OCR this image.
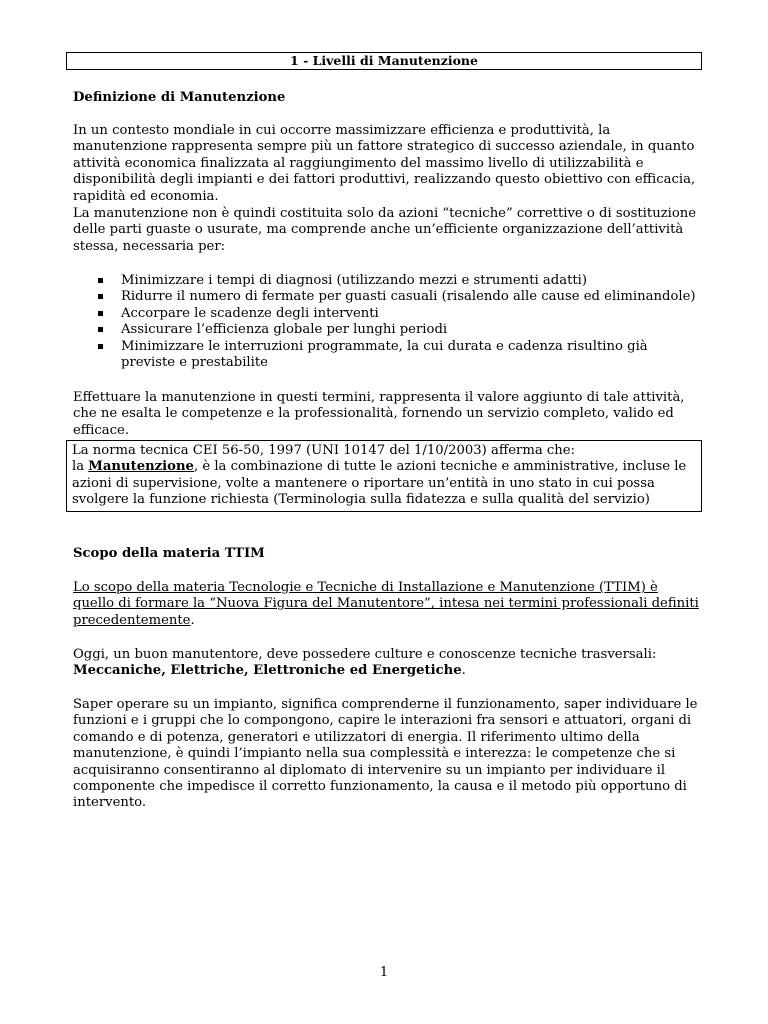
1 - Livelli di Manutenzione
Definizione di Manutenzione
In un contesto mondiale in cui occorre massimizzare efficienza e produttività, la manutenzione rappresenta sempre più un fattore strategico di successo aziendale, in quanto attività economica finalizzata al raggiungimento del massimo livello di utilizzabilità e disponibilità degli impianti e dei fattori produttivi, realizzando questo obiettivo con efficacia, rapidità ed economia.
La manutenzione non è quindi costituita solo da azioni “tecniche” correttive o di sostituzione delle parti guaste o usurate, ma comprende anche un’efficiente organizzazione dell’attività stessa, necessaria per:
Minimizzare i tempi di diagnosi (utilizzando mezzi e strumenti adatti)
Ridurre il numero di fermate per guasti casuali (risalendo alle cause ed eliminandole)
Accorpare le scadenze degli interventi
Assicurare l’efficienza globale per lunghi periodi
Minimizzare le interruzioni programmate, la cui durata e cadenza risultino già previste e prestabilite
Effettuare la manutenzione in questi termini, rappresenta il valore aggiunto di tale attività, che ne esalta le competenze e la professionalità, fornendo un servizio completo, valido ed efficace.
La norma tecnica CEI 56-50, 1997 (UNI 10147 del 1/10/2003) afferma che:
la Manutenzione, è la combinazione di tutte le azioni tecniche e amministrative, incluse le azioni di supervisione, volte a mantenere o riportare un’entità in uno stato in cui possa svolgere la funzione richiesta (Terminologia sulla fidatezza e sulla qualità del servizio)
Scopo della materia TTIM
Lo scopo della materia Tecnologie e Tecniche di Installazione e Manutenzione (TTIM) è quello di formare la “Nuova Figura del Manutentore”, intesa nei termini professionali definiti precedentemente.
Oggi, un buon manutentore, deve possedere culture e conoscenze tecniche trasversali: Meccaniche, Elettriche, Elettroniche ed Energetiche.
Saper operare su un impianto, significa comprenderne il funzionamento, saper individuare le funzioni e i gruppi che lo compongono, capire le interazioni fra sensori e attuatori, organi di comando e di potenza, generatori e utilizzatori di energia. Il riferimento ultimo della manutenzione, è quindi l’impianto nella sua complessità e interezza: le competenze che si acquisiranno consentiranno al diplomato di intervenire su un impianto per individuare il componente che impedisce il corretto funzionamento, la causa e il metodo più opportuno di intervento.
1
